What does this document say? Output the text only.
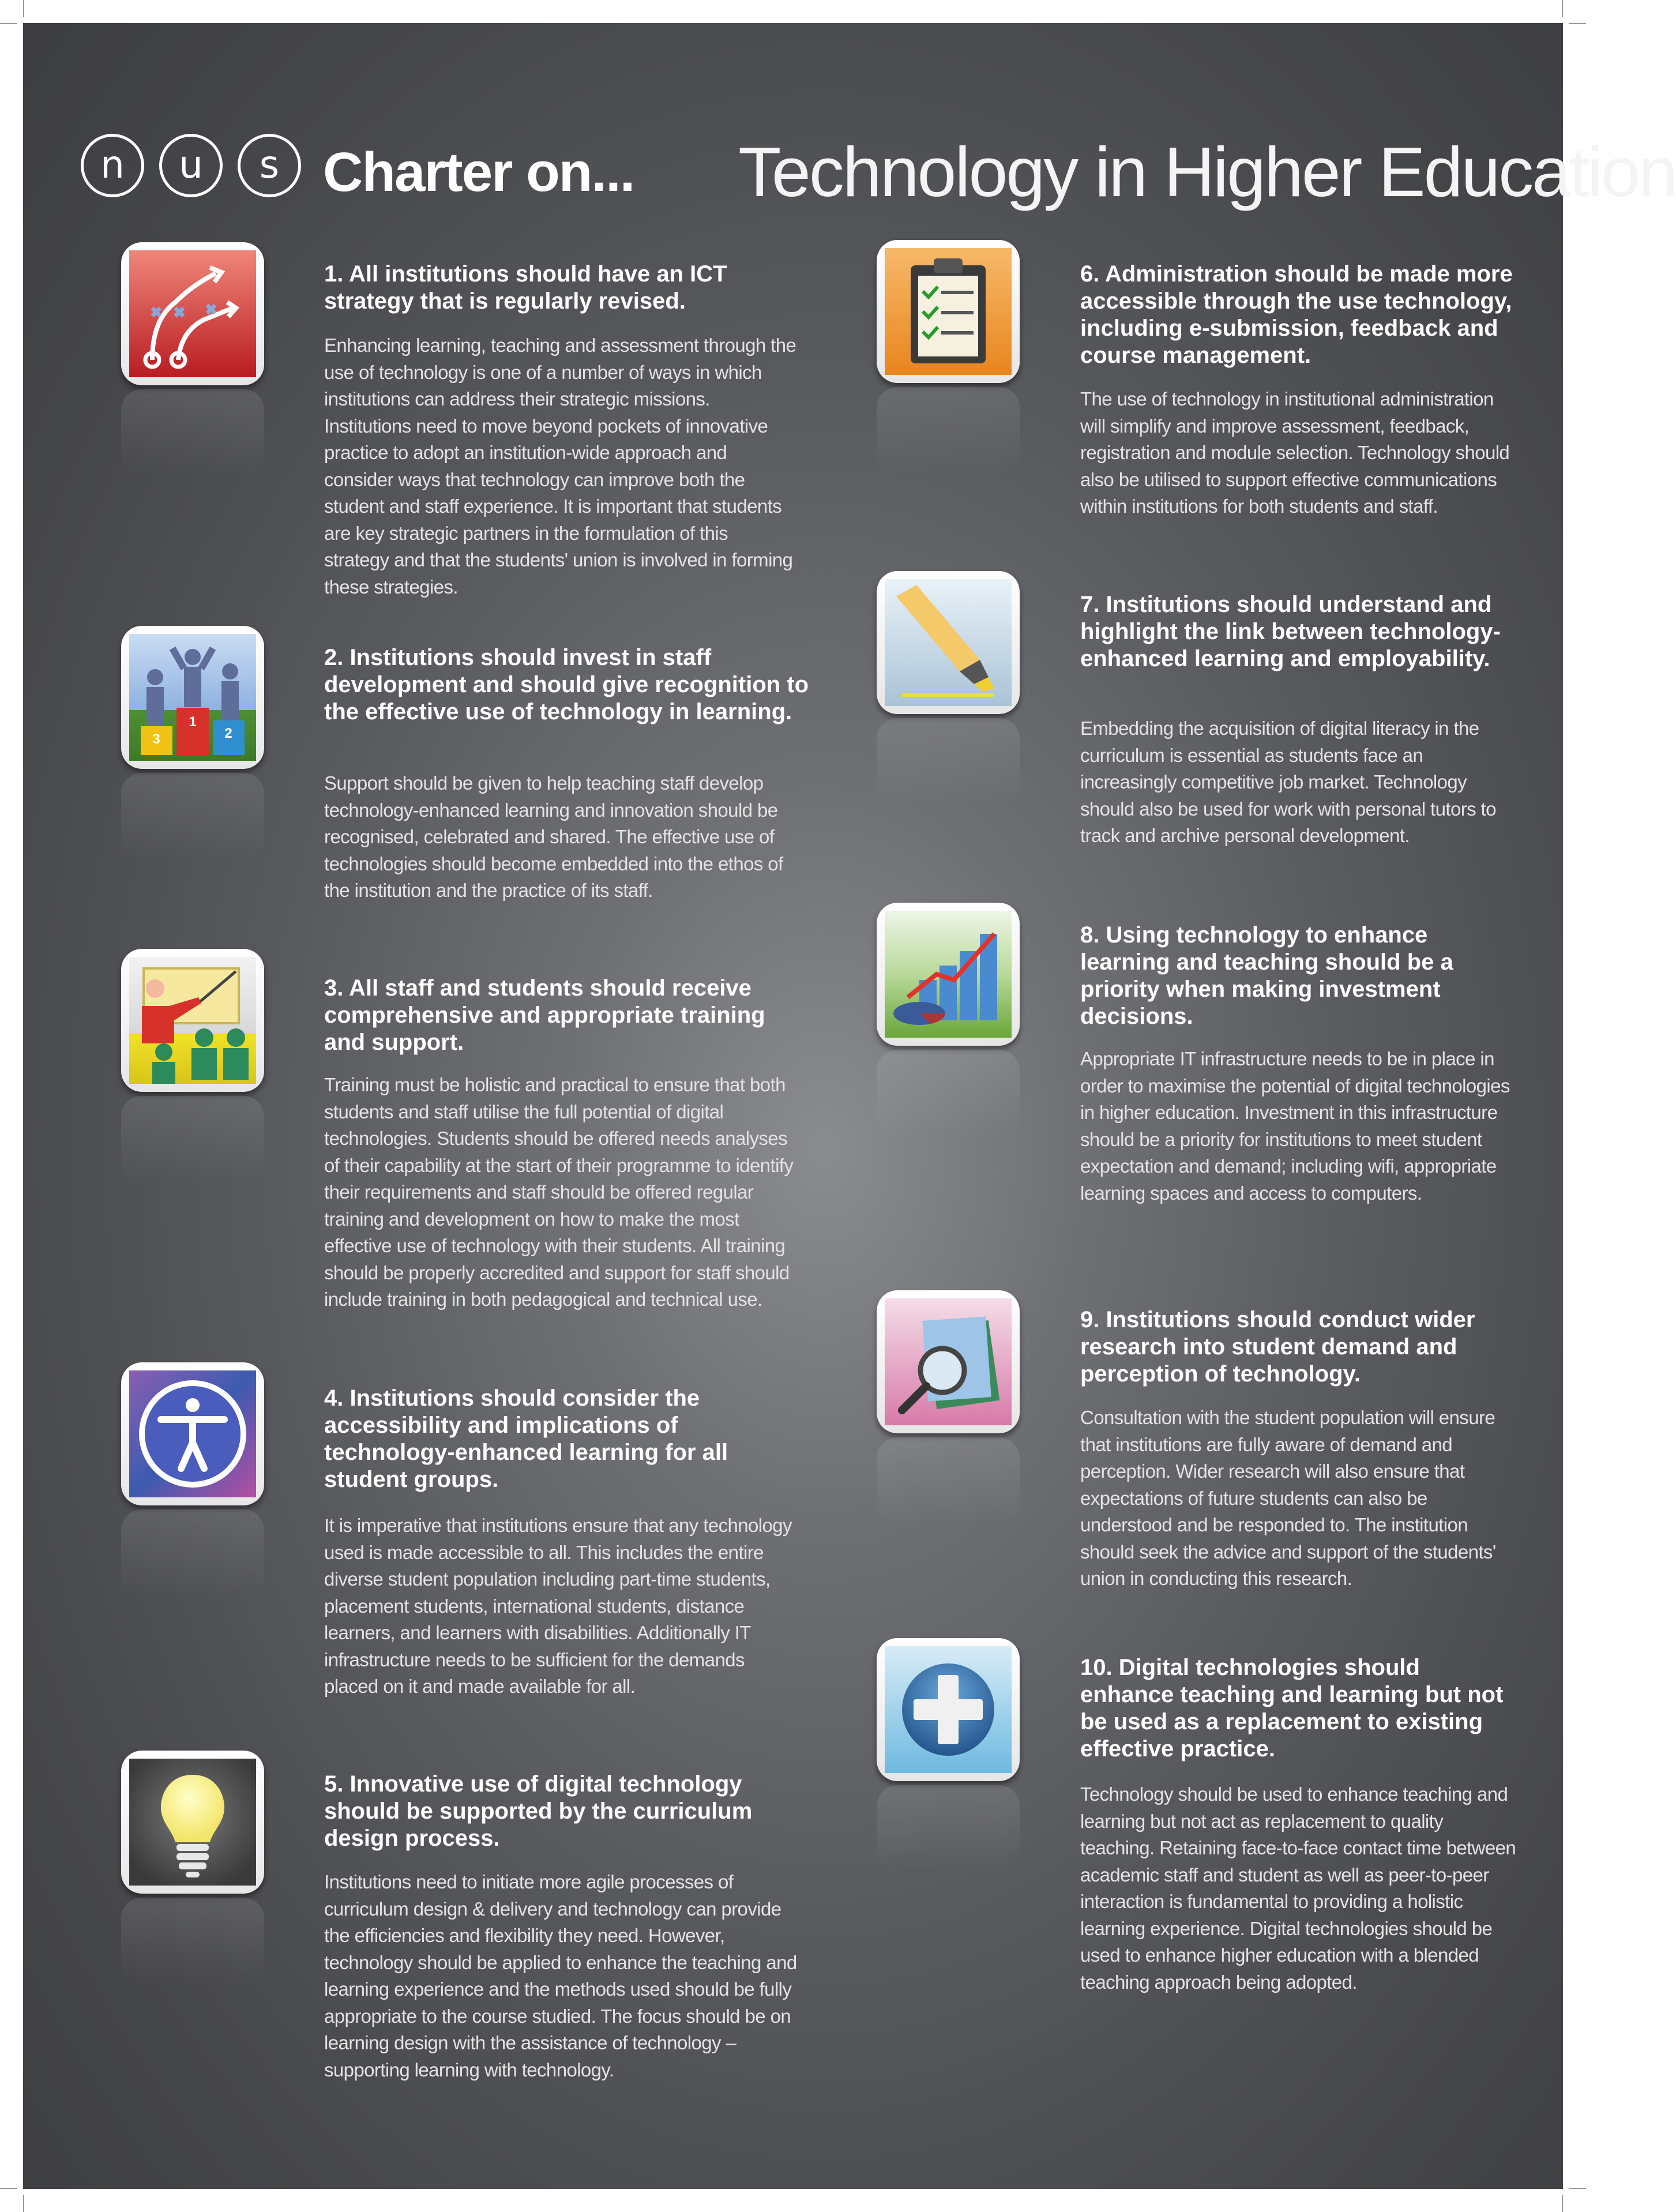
n	u	s Charter on... Technology in Higher Education
1. All institutions should have an ICT strategy that is regularly revised.
Enhancing learning, teaching and assessment through the use of technology is one of a number of ways in which institutions can address their strategic missions. Institutions need to move beyond pockets of innovative practice to adopt an institution-wide approach and consider ways that technology can improve both the student and staff experience. It is important that students are key strategic partners in the formulation of this strategy and that the students' union is involved in forming these strategies.
3
1
2
2. Institutions should invest in staff development and should give recognition to the effective use of technology in learning.
Support should be given to help teaching staff develop technology-enhanced learning and innovation should be recognised, celebrated and shared. The effective use of technologies should become embedded into the ethos of the institution and the practice of its staff.
3. All staff and students should receive comprehensive and appropriate training and support.
Training must be holistic and practical to ensure that both students and staff utilise the full potential of digital technologies. Students should be offered needs analyses of their capability at the start of their programme to identify their requirements and staff should be offered regular training and development on how to make the most effective use of technology with their students. All training should be properly accredited and support for staff should include training in both pedagogical and technical use.
4. Institutions should consider the accessibility and implications of technology-enhanced learning for all student groups.
It is imperative that institutions ensure that any technology used is made accessible to all. This includes the entire diverse student population including part-time students, placement students, international students, distance learners, and learners with disabilities. Additionally IT infrastructure needs to be sufficient for the demands placed on it and made available for all.
5. Innovative use of digital technology should be supported by the curriculum design process.
Institutions need to initiate more agile processes of curriculum design & delivery and technology can provide the efficiencies and flexibility they need. However, technology should be applied to enhance the teaching and learning experience and the methods used should be fully appropriate to the course studied. The focus should be on learning design with the assistance of technology – supporting learning with technology.
6. Administration should be made more accessible through the use technology, including e-submission, feedback and course management.
The use of technology in institutional administration will simplify and improve assessment, feedback, registration and module selection. Technology should also be utilised to support effective communications within institutions for both students and staff.
7. Institutions should understand and highlight the link between technology-enhanced learning and employability.
Embedding the acquisition of digital literacy in the curriculum is essential as students face an increasingly competitive job market. Technology should also be used for work with personal tutors to track and archive personal development.
8. Using technology to enhance learning and teaching should be a priority when making investment decisions.
Appropriate IT infrastructure needs to be in place in order to maximise the potential of digital technologies in higher education. Investment in this infrastructure should be a priority for institutions to meet student expectation and demand; including wifi, appropriate learning spaces and access to computers.
9. Institutions should conduct wider research into student demand and perception of technology.
Consultation with the student population will ensure that institutions are fully aware of demand and perception. Wider research will also ensure that expectations of future students can also be understood and be responded to. The institution should seek the advice and support of the students' union in conducting this research.
10. Digital technologies should enhance teaching and learning but not be used as a replacement to existing effective practice.
Technology should be used to enhance teaching and learning but not act as replacement to quality teaching. Retaining face-to-face contact time between academic staff and student as well as peer-to-peer interaction is fundamental to providing a holistic learning experience. Digital technologies should be used to enhance higher education with a blended teaching approach being adopted.
